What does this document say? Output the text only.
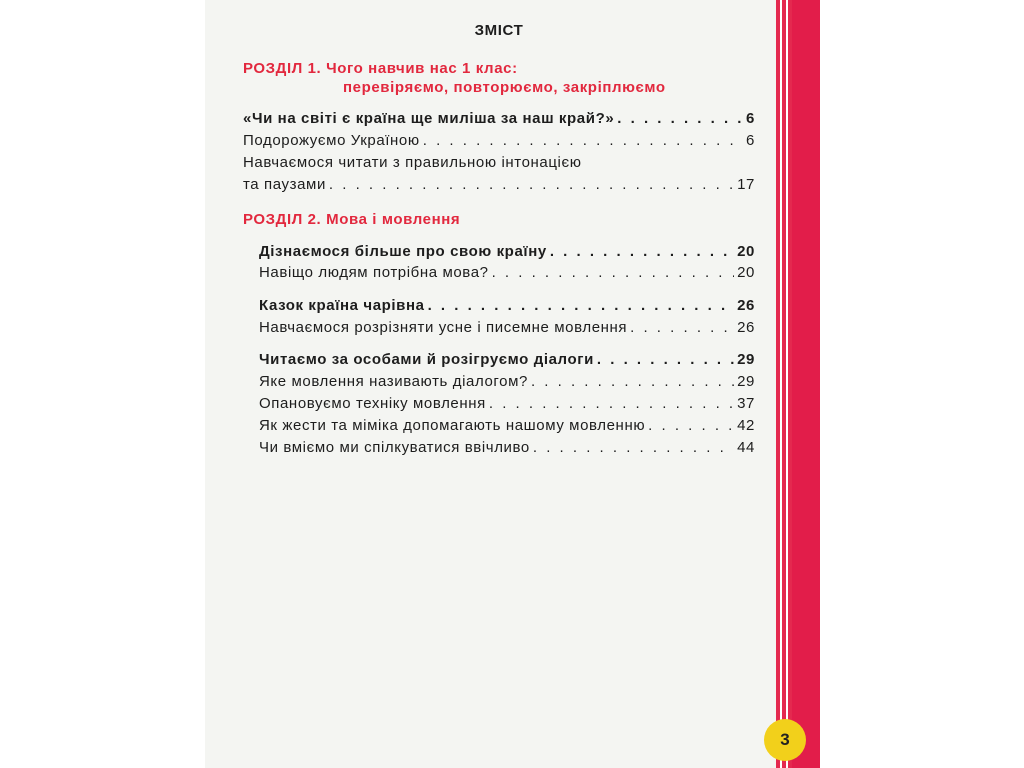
ЗМІСТ
РОЗДІЛ 1. Чого навчив нас 1 клас:
перевіряємо, повторюємо, закріплюємо
«Чи на світі є країна ще миліша за наш край?» . . .	6
Подорожуємо Україною . . .	6
Навчаємося читати з правильною інтонацією
та паузами . . .	17
РОЗДІЛ 2. Мова і мовлення
Дізнаємося більше про свою країну . . .	20
Навіщо людям потрібна мова? . . .	20
Казок країна чарівна . . .	26
Навчаємося розрізняти усне і писемне мовлення . . .	26
Читаємо за особами й розігруємо діалоги . . .	29
Яке мовлення називають діалогом? . . .	29
Опановуємо техніку мовлення . . .	37
Як жести та міміка допомагають нашому мовленню . . .	42
Чи вміємо ми спілкуватися ввічливо . . .	44
3
